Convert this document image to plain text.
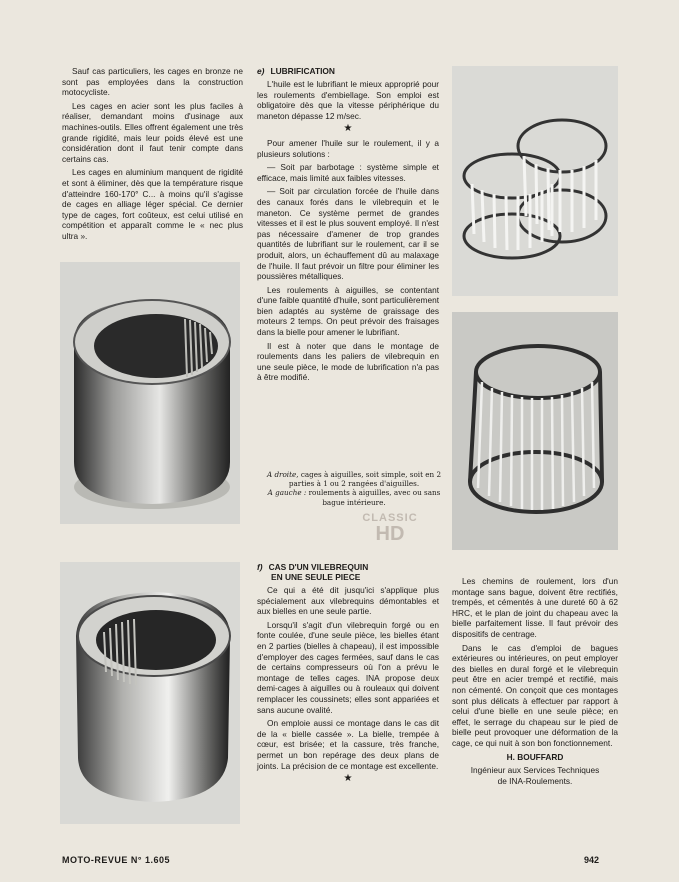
Sauf cas particuliers, les cages en bronze ne sont pas employées dans la construction motocycliste.

Les cages en acier sont les plus faciles à réaliser, demandant moins d'usinage aux machines-outils. Elles offrent également une très grande rigidité, mais leur poids élevé est une considération dont il faut tenir compte dans certains cas.

Les cages en aluminium manquent de rigidité et sont à éliminer, dès que la température risque d'atteindre 160-170° C... à moins qu'il s'agisse de cages en alliage léger spécial. Ce dernier type de cages, fort coûteux, est celui utilisé en compétition et apparaît comme le « nec plus ultra ».

e) LUBRIFICATION

L'huile est le lubrifiant le mieux approprié pour les roulements d'embiellage. Son emploi est obligatoire dès que la vitesse périphérique du maneton dépasse 12 m/sec.

★

Pour amener l'huile sur le roulement, il y a plusieurs solutions :

— Soit par barbotage : système simple et efficace, mais limité aux faibles vitesses.

— Soit par circulation forcée de l'huile dans des canaux forés dans le vilebrequin et le maneton. Ce système permet de grandes vitesses et il est le plus souvent employé. Il n'est pas nécessaire d'amener de trop grandes quantités de lubrifiant sur le roulement, car il se produit, alors, un échauffement dû au malaxage de l'huile. Il faut prévoir un filtre pour éliminer les poussières métalliques.

Les roulements à aiguilles, se contentant d'une faible quantité d'huile, sont particulièrement bien adaptés au système de graissage des moteurs 2 temps. On peut prévoir des fraisages dans la bielle pour amener le lubrifiant.

Il est à noter que dans le montage de roulements dans les paliers de vilebrequin en une seule pièce, le mode de lubrification n'a pas à être modifié.

A droite, cages à aiguilles, soit simple, soit en 2 parties à 1 ou 2 rangées d'aiguilles.
A gauche : roulements à aiguilles, avec ou sans bague intérieure.
CLASSIC
HD

f) CAS D'UN VILEBREQUIN
EN UNE SEULE PIECE

Ce qui a été dit jusqu'ici s'applique plus spécialement aux vilebrequins démontables et aux bielles en une seule partie.

Lorsqu'il s'agit d'un vilebrequin forgé ou en fonte coulée, d'une seule pièce, les bielles étant en 2 parties (bielles à chapeau), il est impossible d'employer des cages fermées, sauf dans le cas de certains compresseurs où l'on a prévu le montage de telles cages. INA propose deux demi-cages à aiguilles ou à rouleaux qui doivent remplacer les coussinets; elles sont appariées et sans aucune ovalité.

On emploie aussi ce montage dans le cas dit de la « bielle cassée ». La bielle, trempée à cœur, est brisée; et la cassure, très franche, permet un bon repérage des deux plans de joints. La précision de ce montage est excellente.

★

Les chemins de roulement, lors d'un montage sans bague, doivent être rectifiés, trempés, et cémentés à une dureté 60 à 62 HRC, et le plan de joint du chapeau avec la bielle parfaitement lisse. Il faut prévoir des dispositifs de centrage.

Dans le cas d'emploi de bagues extérieures ou intérieures, on peut employer des bielles en dural forgé et le vilebrequin peut être en acier trempé et rectifié, mais non cémenté. On conçoit que ces montages sont plus délicats à effectuer par rapport à celui d'une bielle en une seule pièce; en effet, le serrage du chapeau sur le pied de bielle peut provoquer une déformation de la cage, ce qui nuit à son bon fonctionnement.

H. BOUFFARD

Ingénieur aux Services Techniques

de INA-Roulements.

MOTO-REVUE N° 1.605	942
